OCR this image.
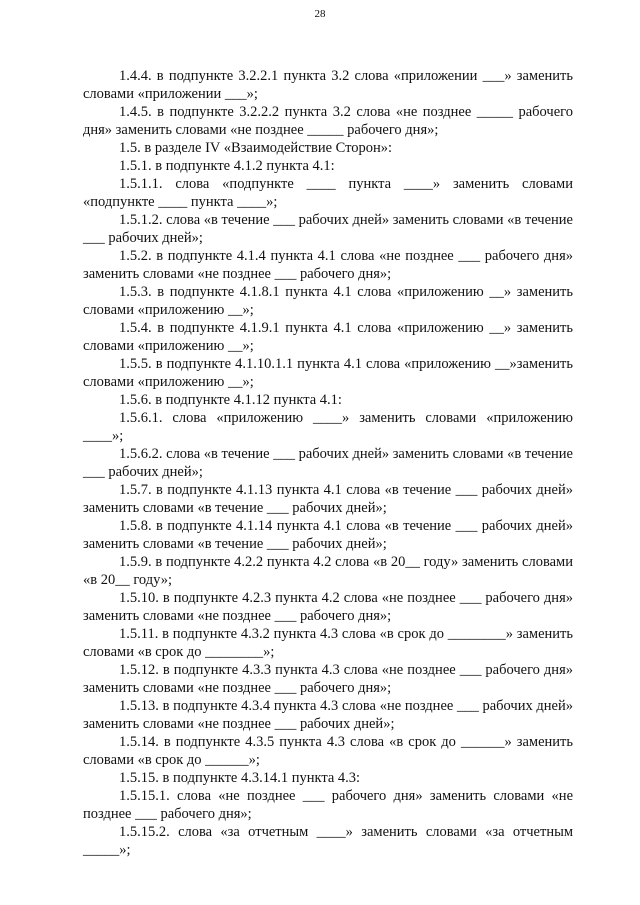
28

1.4.4. в подпункте 3.2.2.1 пункта 3.2 слова «приложении ___» заменить словами «приложении ___»;

1.4.5. в подпункте 3.2.2.2 пункта 3.2 слова «не позднее _____ рабочего дня» заменить словами «не позднее _____ рабочего дня»;

1.5. в разделе IV «Взаимодействие Сторон»:

1.5.1. в подпункте 4.1.2 пункта 4.1:

1.5.1.1. слова «подпункте ____ пункта ____» заменить словами «подпункте ____ пункта ____»;

1.5.1.2. слова «в течение ___ рабочих дней» заменить словами «в течение ___ рабочих дней»;

1.5.2. в подпункте 4.1.4 пункта 4.1 слова «не позднее ___ рабочего дня» заменить словами «не позднее ___ рабочего дня»;

1.5.3. в подпункте 4.1.8.1 пункта 4.1 слова «приложению __» заменить словами «приложению __»;

1.5.4. в подпункте 4.1.9.1 пункта 4.1 слова «приложению __» заменить словами «приложению __»;

1.5.5. в подпункте 4.1.10.1.1 пункта 4.1 слова «приложению __»заменить словами «приложению __»;

1.5.6. в подпункте 4.1.12 пункта 4.1:

1.5.6.1. слова «приложению ____» заменить словами «приложению ____»;

1.5.6.2. слова «в течение ___ рабочих дней» заменить словами «в течение ___ рабочих дней»;

1.5.7. в подпункте 4.1.13 пункта 4.1 слова «в течение ___ рабочих дней» заменить словами «в течение ___ рабочих дней»;

1.5.8. в подпункте 4.1.14 пункта 4.1 слова «в течение ___ рабочих дней» заменить словами «в течение ___ рабочих дней»;

1.5.9. в подпункте 4.2.2 пункта 4.2 слова «в 20__ году» заменить словами «в 20__ году»;

1.5.10. в подпункте 4.2.3 пункта 4.2 слова «не позднее ___ рабочего дня» заменить словами «не позднее ___ рабочего дня»;

1.5.11. в подпункте 4.3.2 пункта 4.3 слова «в срок до ________» заменить словами «в срок до ________»;

1.5.12. в подпункте 4.3.3 пункта 4.3 слова «не позднее ___ рабочего дня» заменить словами «не позднее ___ рабочего дня»;

1.5.13. в подпункте 4.3.4 пункта 4.3 слова «не позднее ___ рабочих дней» заменить словами «не позднее ___ рабочих дней»;

1.5.14. в подпункте 4.3.5 пункта 4.3 слова «в срок до ______» заменить словами «в срок до ______»;

1.5.15. в подпункте 4.3.14.1 пункта 4.3:

1.5.15.1. слова «не позднее ___ рабочего дня» заменить словами «не позднее ___ рабочего дня»;

1.5.15.2. слова «за отчетным ____» заменить словами «за отчетным _____»;
